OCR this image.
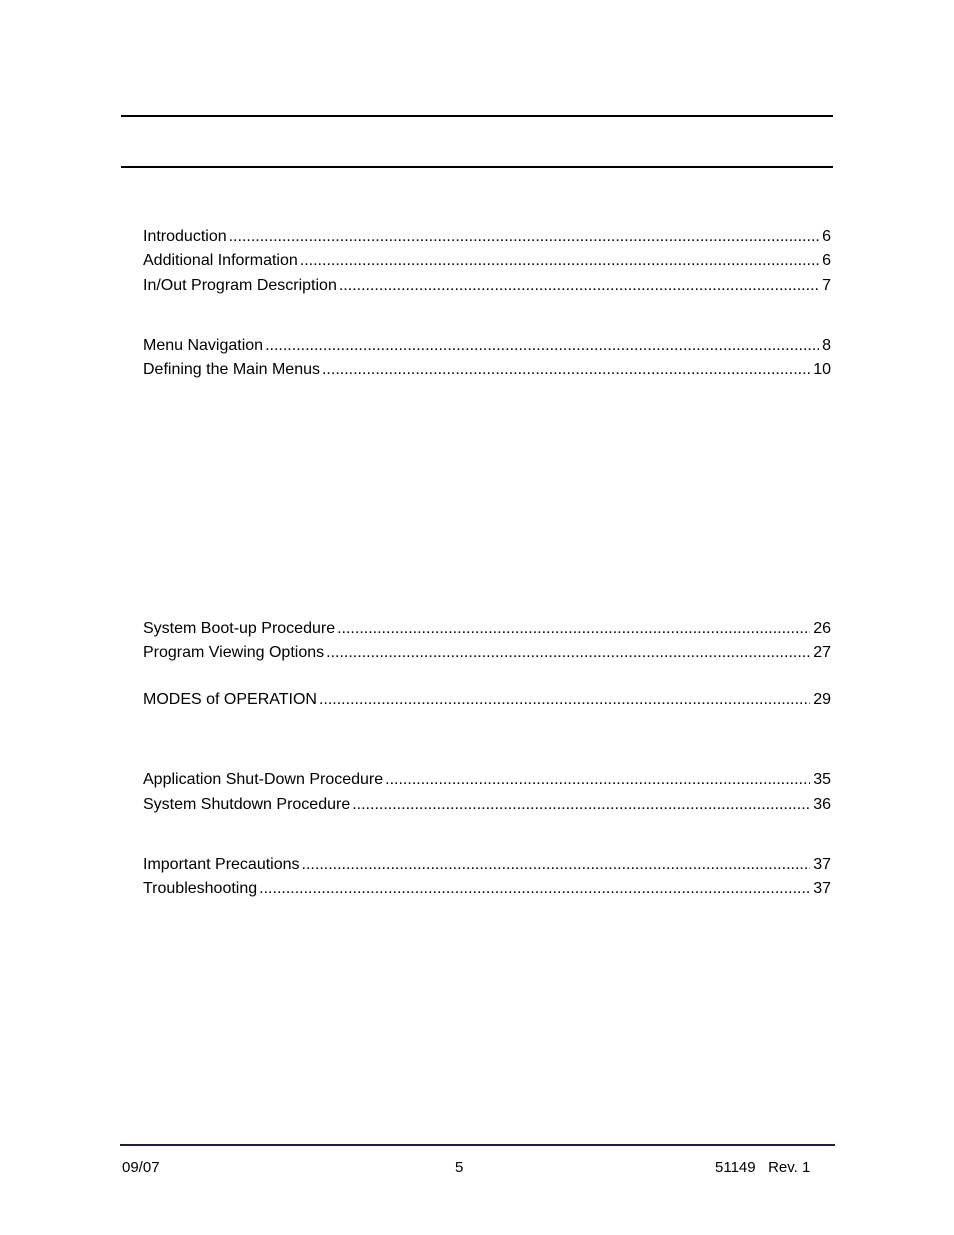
Introduction .....	6
Additional Information .....	6
In/Out Program Description .....	7
Menu Navigation .....	8
Defining the Main Menus .....	10
System Boot-up Procedure .....	26
Program Viewing Options .....	27
MODES of OPERATION .....	29
Application Shut-Down Procedure .....	35
System Shutdown Procedure .....	36
Important Precautions .....	37
Troubleshooting .....	37
09/07	5	51149   Rev. 1
